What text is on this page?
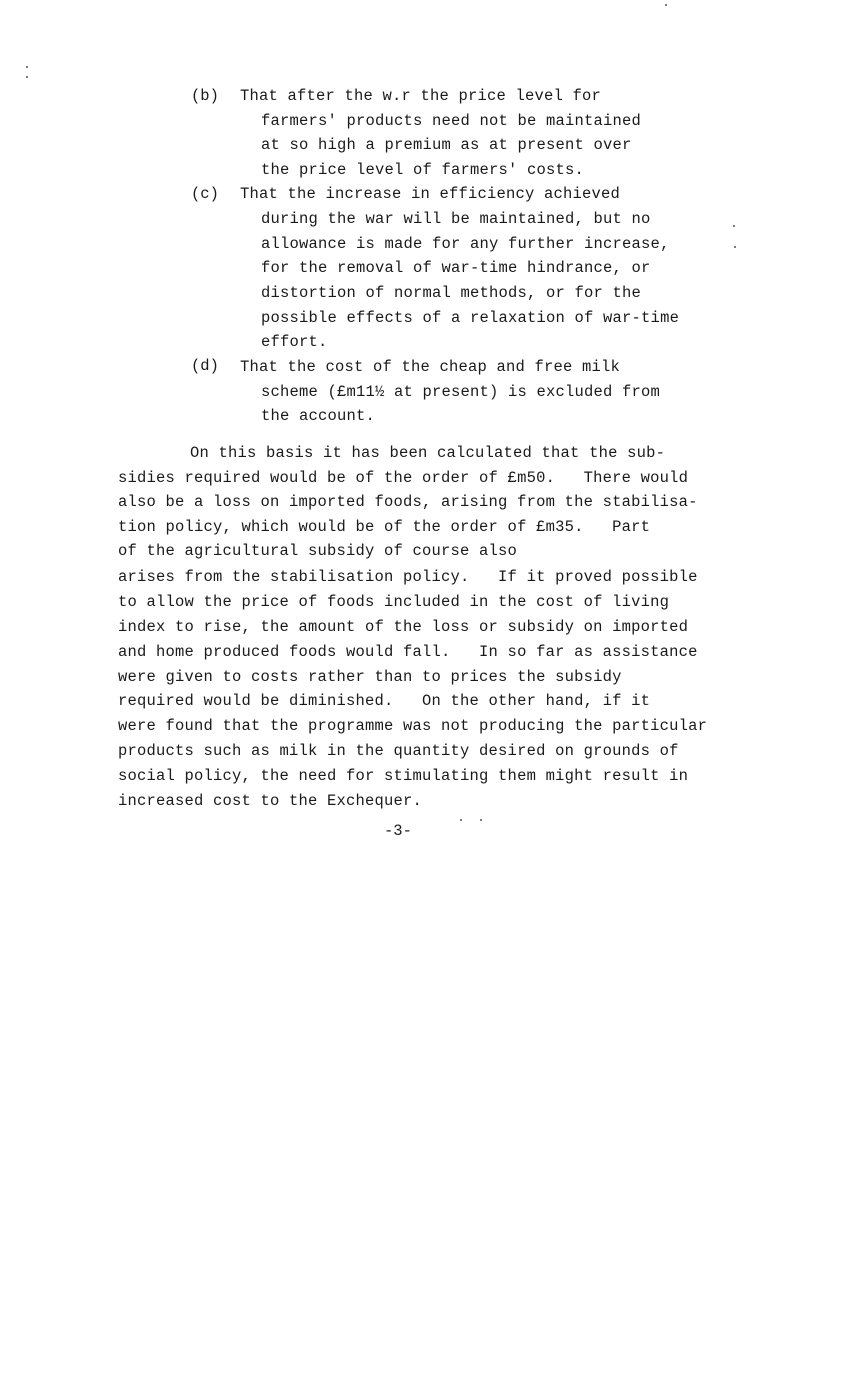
(b) That after the w.r the price level for
farmers' products need not be maintained
at so high a premium as at present over
the price level of farmers' costs.
(c) That the increase in efficiency achieved
during the war will be maintained, but no
allowance is made for any further increase,
for the removal of war-time hindrance, or
distortion of normal methods, or for the
possible effects of a relaxation of war-time
effort.
(d) That the cost of the cheap and free milk
scheme (£m11½ at present) is excluded from
the account.
On this basis it has been calculated that the sub-
sidies required would be of the order of £m50.   There would
also be a loss on imported foods, arising from the stabilisa-
tion policy, which would be of the order of £m35.   Part
of the agricultural subsidy of course also
arises from the stabilisation policy.   If it proved possible
to allow the price of foods included in the cost of living
index to rise, the amount of the loss or subsidy on imported
and home produced foods would fall.   In so far as assistance
were given to costs rather than to prices the subsidy
required would be diminished.   On the other hand, if it
were found that the programme was not producing the particular
products such as milk in the quantity desired on grounds of
social policy, the need for stimulating them might result in
increased cost to the Exchequer.
-3-
